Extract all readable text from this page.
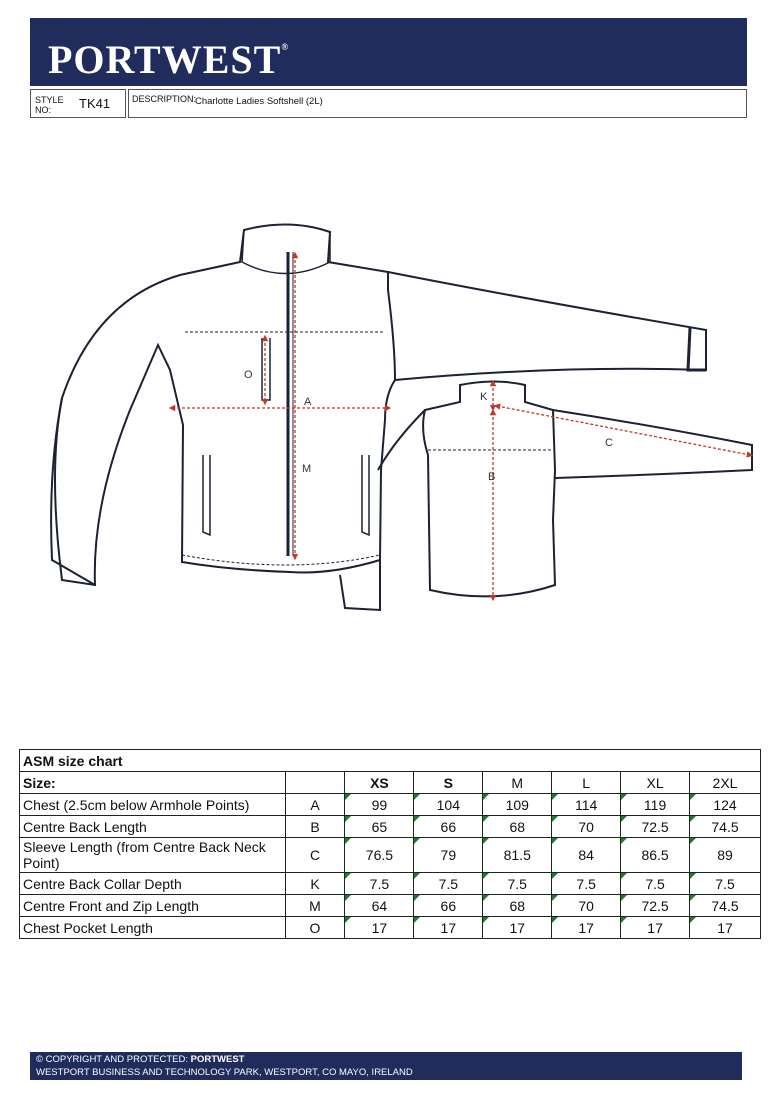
PORTWEST®
STYLE
NO: TK41 DESCRIPTION:
Charlotte Ladies Softshell (2L)
O
A
M
K
B
C
ASM size chart							
Size:		XS	S	M	L	XL	2XL
Chest (2.5cm below Armhole Points)	A	99	104	109	114	119	124
Centre Back Length	B	65	66	68	70	72.5	74.5
Sleeve Length (from Centre Back Neck Point)	C	76.5	79	81.5	84	86.5	89
Centre Back Collar Depth	K	7.5	7.5	7.5	7.5	7.5	7.5
Centre Front and Zip Length	M	64	66	68	70	72.5	74.5
Chest Pocket Length	O	17	17	17	17	17	17
© COPYRIGHT AND PROTECTED: PORTWEST
WESTPORT BUSINESS AND TECHNOLOGY PARK, WESTPORT, CO MAYO, IRELAND
